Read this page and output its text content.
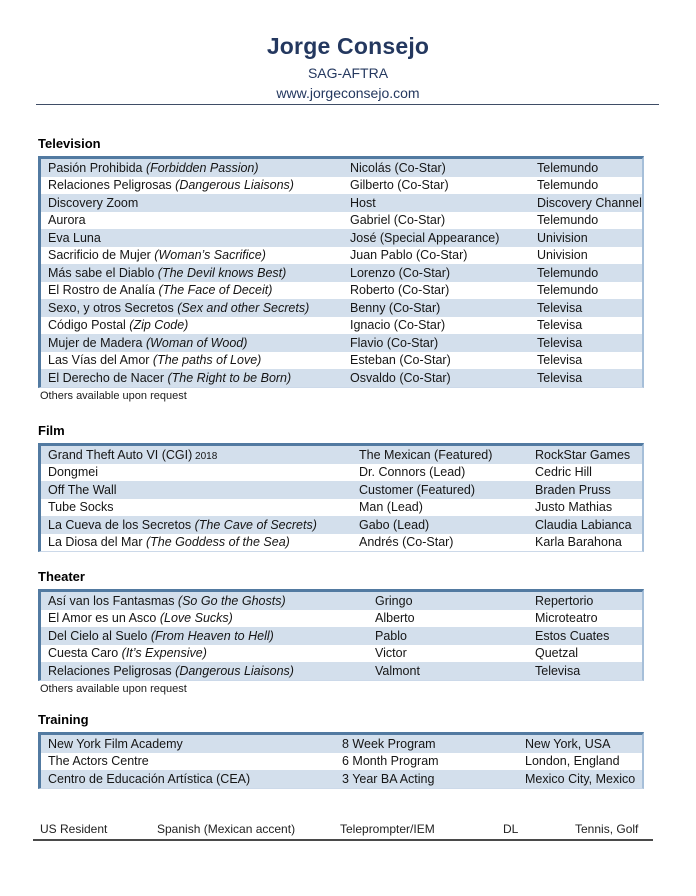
Jorge Consejo
SAG-AFTRA
www.jorgeconsejo.com
Television
Pasión Prohibida (Forbidden Passion)	Nicolás (Co-Star)	Telemundo
Relaciones Peligrosas (Dangerous Liaisons)	Gilberto (Co-Star)	Telemundo
Discovery Zoom	Host	Discovery Channel
Aurora	Gabriel (Co-Star)	Telemundo
Eva Luna	José (Special Appearance)	Univision
Sacrificio de Mujer (Woman’s Sacrifice)	Juan Pablo (Co-Star)	Univision
Más sabe el Diablo (The Devil knows Best)	Lorenzo (Co-Star)	Telemundo
El Rostro de Analía (The Face of Deceit)	Roberto (Co-Star)	Telemundo
Sexo, y otros Secretos (Sex and other Secrets)	Benny (Co-Star)	Televisa
Código Postal (Zip Code)	Ignacio (Co-Star)	Televisa
Mujer de Madera (Woman of Wood)	Flavio (Co-Star)	Televisa
Las Vías del Amor (The paths of Love)	Esteban (Co-Star)	Televisa
El Derecho de Nacer (The Right to be Born)	Osvaldo (Co-Star)	Televisa
Others available upon request
Film
Grand Theft Auto VI (CGI) 2018	The Mexican (Featured)	RockStar Games
Dongmei	Dr. Connors (Lead)	Cedric Hill
Off The Wall	Customer (Featured)	Braden Pruss
Tube Socks	Man (Lead)	Justo Mathias
La Cueva de los Secretos (The Cave of Secrets)	Gabo (Lead)	Claudia Labianca
La Diosa del Mar (The Goddess of the Sea)	Andrés (Co-Star)	Karla Barahona
Theater
Así van los Fantasmas (So Go the Ghosts)	Gringo	Repertorio
El Amor es un Asco (Love Sucks)	Alberto	Microteatro
Del Cielo al Suelo (From Heaven to Hell)	Pablo	Estos Cuates
Cuesta Caro (It’s Expensive)	Victor	Quetzal
Relaciones Peligrosas (Dangerous Liaisons)	Valmont	Televisa
Others available upon request
Training
New York Film Academy	8 Week Program	New York, USA
The Actors Centre	6 Month Program	London, England
Centro de Educación Artística (CEA)	3 Year BA Acting	Mexico City, Mexico
US Resident	Spanish (Mexican accent)	Teleprompter/IEM	DL	Tennis, Golf
